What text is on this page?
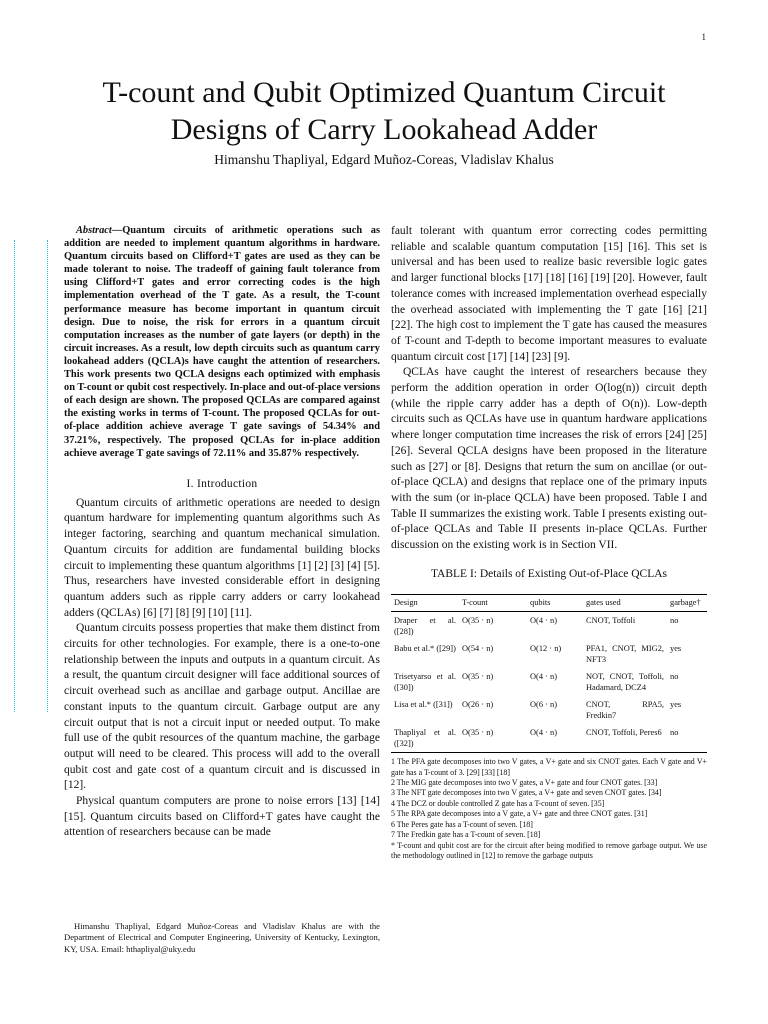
1
T-count and Qubit Optimized Quantum Circuit
Designs of Carry Lookahead Adder
Himanshu Thapliyal, Edgard Muñoz-Coreas, Vladislav Khalus

Abstract—Quantum circuits of arithmetic operations such as addition are needed to implement quantum algorithms in hardware. Quantum circuits based on Clifford+T gates are used as they can be made tolerant to noise. The tradeoff of gaining fault tolerance from using Clifford+T gates and error correcting codes is the high implementation overhead of the T gate. As a result, the T-count performance measure has become important in quantum circuit design. Due to noise, the risk for errors in a quantum circuit computation increases as the number of gate layers (or depth) in the circuit increases. As a result, low depth circuits such as quantum carry lookahead adders (QCLA)s have caught the attention of researchers. This work presents two QCLA designs each optimized with emphasis on T-count or qubit cost respectively. In-place and out-of-place versions of each design are shown. The proposed QCLAs are compared against the existing works in terms of T-count. The proposed QCLAs for out-of-place addition achieve average T gate savings of 54.34% and 37.21%, respectively. The proposed QCLAs for in-place addition achieve average T gate savings of 72.11% and 35.87% respectively.

I. Introduction

Quantum circuits of arithmetic operations are needed to design quantum hardware for implementing quantum algorithms such As integer factoring, searching and quantum mechanical simulation. Quantum circuits for addition are fundamental building blocks circuit to implementing these quantum algorithms [1] [2] [3] [4] [5]. Thus, researchers have invested considerable effort in designing quantum adders such as ripple carry adders or carry lookahead adders (QCLAs) [6] [7] [8] [9] [10] [11].

Quantum circuits possess properties that make them distinct from circuits for other technologies. For example, there is a one-to-one relationship between the inputs and outputs in a quantum circuit. As a result, the quantum circuit designer will face additional sources of circuit overhead such as ancillae and garbage output. Ancillae are constant inputs to the quantum circuit. Garbage output are any circuit output that is not a circuit input or needed output. To make full use of the qubit resources of the quantum machine, the garbage output will need to be cleared. This process will add to the overall qubit cost and gate cost of a quantum circuit and is discussed in [12].

Physical quantum computers are prone to noise errors [13] [14] [15]. Quantum circuits based on Clifford+T gates have caught the attention of researchers because can be made

Himanshu Thapliyal, Edgard Muñoz-Coreas and Vladislav Khalus are with the Department of Electrical and Computer Engineering, University of Kentucky, Lexington, KY, USA. Email: hthapliyal@uky.edu

fault tolerant with quantum error correcting codes permitting reliable and scalable quantum computation [15] [16]. This set is universal and has been used to realize basic reversible logic gates and larger functional blocks [17] [18] [16] [19] [20]. However, fault tolerance comes with increased implementation overhead especially the overhead associated with implementing the T gate [16] [21] [22]. The high cost to implement the T gate has caused the measures of T-count and T-depth to become important measures to evaluate quantum circuit cost [17] [14] [23] [9].

QCLAs have caught the interest of researchers because they perform the addition operation in order O(log(n)) circuit depth (while the ripple carry adder has a depth of O(n)). Low-depth circuits such as QCLAs have use in quantum hardware applications where longer computation time increases the risk of errors [24] [25] [26]. Several QCLA designs have been proposed in the literature such as [27] or [8]. Designs that return the sum on ancillae (or out-of-place QCLA) and designs that replace one of the primary inputs with the sum (or in-place QCLA) have been proposed. Table I and Table II summarizes the existing work. Table I presents existing out-of-place QCLAs and Table II presents in-place QCLAs. Further discussion on the existing work is in Section VII.

TABLE I: Details of Existing Out-of-Place QCLAs
Design	T-count	qubits	gates used	garbage†
Draper et al. ([28])	O(35 · n)	O(4 · n)	CNOT, Toffoli	no
Babu et al.* ([29])	O(54 · n)	O(12 · n)	PFA1, CNOT, MIG2, NFT3	yes
Trisetyarso et al. ([30])	O(35 · n)	O(4 · n)	NOT, CNOT, Toffoli, Hadamard, DCZ4	no
Lisa et al.* ([31])	O(26 · n)	O(6 · n)	CNOT, RPA5, Fredkin7	yes
Thapliyal et al. ([32])	O(35 · n)	O(4 · n)	CNOT, Toffoli, Peres6	no
1 The PFA gate decomposes into two V gates, a V+ gate and six CNOT gates. Each V gate and V+ gate has a T-count of 3. [29] [33] [18]
2 The MIG gate decomposes into two V gates, a V+ gate and four CNOT gates. [33]
3 The NFT gate decomposes into two V gates, a V+ gate and seven CNOT gates. [34]
4 The DCZ or double controlled Z gate has a T-count of seven. [35]
5 The RPA gate decomposes into a V gate, a V+ gate and three CNOT gates. [31]
6 The Peres gate has a T-count of seven. [18]
7 The Fredkin gate has a T-count of seven. [18]
* T-count and qubit cost are for the circuit after being modified to remove garbage output. We use the methodology outlined in [12] to remove the garbage outputs
